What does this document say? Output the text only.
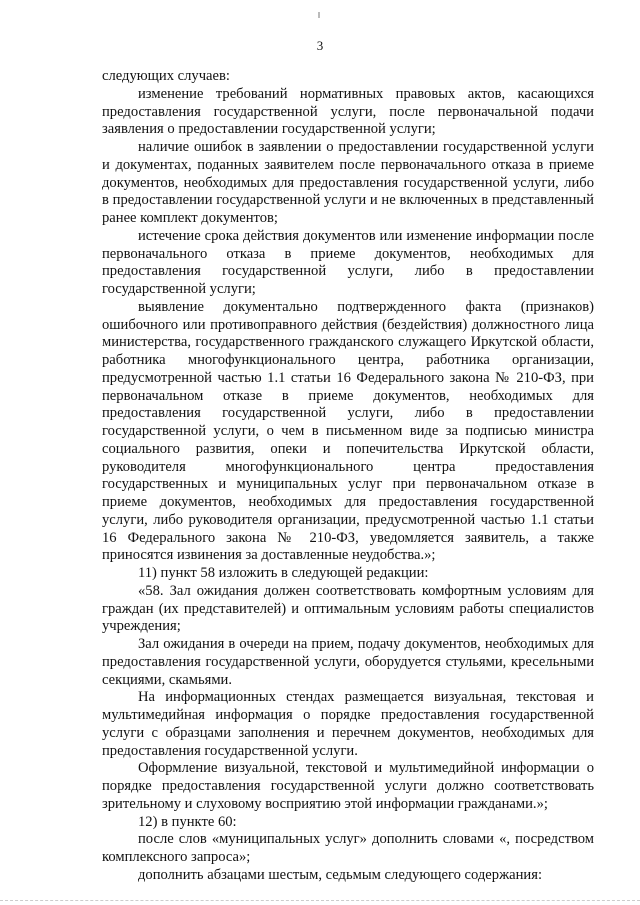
3

следующих случаев:

изменение требований нормативных правовых актов, касающихся предоставления государственной услуги, после первоначальной подачи заявления о предоставлении государственной услуги;

наличие ошибок в заявлении о предоставлении государственной услуги и документах, поданных заявителем после первоначального отказа в приеме документов, необходимых для предоставления государственной услуги, либо в предоставлении государственной услуги и не включенных в представленный ранее комплект документов;

истечение срока действия документов или изменение информации после первоначального отказа в приеме документов, необходимых для предоставления государственной услуги, либо в предоставлении государственной услуги;

выявление документально подтвержденного факта (признаков) ошибочного или противоправного действия (бездействия) должностного лица министерства, государственного гражданского служащего Иркутской области, работника многофункционального центра, работника организации, предусмотренной частью 1.1 статьи 16 Федерального закона № 210-ФЗ, при первоначальном отказе в приеме документов, необходимых для предоставления государственной услуги, либо в предоставлении государственной услуги, о чем в письменном виде за подписью министра социального развития, опеки и попечительства Иркутской области, руководителя многофункционального центра предоставления государственных и муниципальных услуг при первоначальном отказе в приеме документов, необходимых для предоставления государственной услуги, либо руководителя организации, предусмотренной частью 1.1 статьи 16 Федерального закона № 210-ФЗ, уведомляется заявитель, а также приносятся извинения за доставленные неудобства.»;

11) пункт 58 изложить в следующей редакции:

«58. Зал ожидания должен соответствовать комфортным условиям для граждан (их представителей) и оптимальным условиям работы специалистов учреждения;

Зал ожидания в очереди на прием, подачу документов, необходимых для предоставления государственной услуги, оборудуется стульями, кресельными секциями, скамьями.

На информационных стендах размещается визуальная, текстовая и мультимедийная информация о порядке предоставления государственной услуги с образцами заполнения и перечнем документов, необходимых для предоставления государственной услуги.

Оформление визуальной, текстовой и мультимедийной информации о порядке предоставления государственной услуги должно соответствовать зрительному и слуховому восприятию этой информации гражданами.»;

12) в пункте 60:

после слов «муниципальных услуг» дополнить словами «, посредством комплексного запроса»;

дополнить абзацами шестым, седьмым следующего содержания:
